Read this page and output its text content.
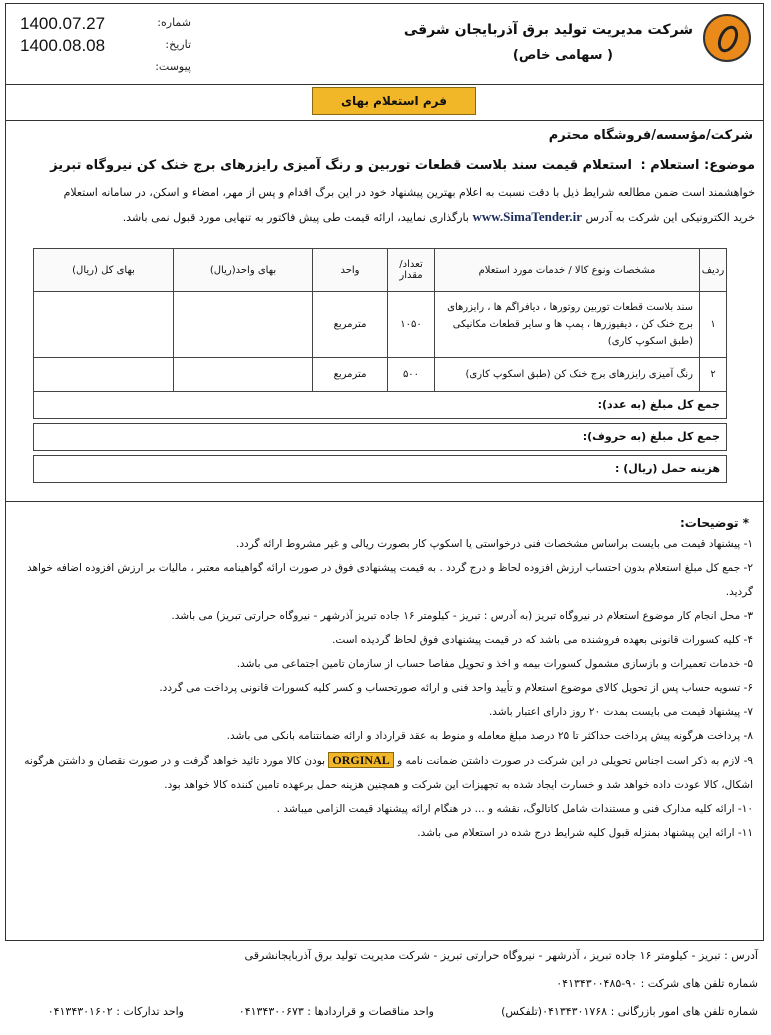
شرکت مدیریت تولید برق آذربایجان شرقی
( سهامی خاص)
شماره:
1400.07.27
تاریخ:
1400.08.08
پیوست:
فرم استعلام بهای
شرکت/مؤسسه/فروشگاه محترم
موضوع: استعلام : استعلام قیمت سند بلاست قطعات توربین و رنگ آمیزی رایزرهای برج خنک کن نیروگاه تبریز
خواهشمند است ضمن مطالعه شرایط ذیل با دقت نسبت به اعلام بهترین پیشنهاد خود در این برگ اقدام و پس از مهر، امضاء و اسکن، در سامانه استعلام
خرید الکترونیکی این شرکت به آدرس www.SimaTender.ir بارگذاری نمایید، ارائه قیمت طی پیش فاکتور به تنهایی مورد قبول نمی باشد.
ردیف	مشخصات ونوع کالا / خدمات مورد استعلام	تعداد/ مقدار	واحد	بهای واحد(ریال)	بهای کل (ریال)
۱	سند بلاست قطعات توربین روتورها ، دیافراگم ها ، رایزرهای برج خنک کن ، دیفیوزرها ، پمپ ها و سایر قطعات مکانیکی (طبق اسکوپ کاری)	۱۰۵۰	مترمربع		
۲	رنگ آمیزی رایزرهای برج خنک کن (طبق اسکوپ کاری)	۵۰۰	مترمربع		
جمع کل مبلغ (به عدد):
جمع کل مبلغ (به حروف):
هزینه حمل (ریال) :
* توضیحات:

۱- پیشنهاد قیمت می بایست براساس مشخصات فنی درخواستی یا اسکوپ کار بصورت ریالی و غیر مشروط ارائه گردد.

۲- جمع کل مبلغ استعلام بدون احتساب ارزش افزوده لحاظ و درج گردد . به قیمت پیشنهادی فوق در صورت ارائه گواهینامه معتبر ، مالیات بر ارزش افزوده اضافه خواهد گردید.

۳- محل انجام کار موضوع استعلام در نیروگاه تبریز (به آدرس : تبریز - کیلومتر ۱۶ جاده تبریز آذرشهر - نیروگاه حرارتی تبریز) می باشد.

۴- کلیه کسورات قانونی بعهده فروشنده می باشد که در قیمت پیشنهادی فوق لحاظ گردیده است.

۵- خدمات تعمیرات و بازسازی مشمول کسورات بیمه و اخذ و تحویل مفاصا حساب از سازمان تامین اجتماعی می باشد.

۶- تسویه حساب پس از تحویل کالای موضوع استعلام و تأیید واحد فنی و ارائه صورتحساب و کسر کلیه کسورات قانونی پرداخت می گردد.

۷- پیشنهاد قیمت می بایست بمدت ۲۰ روز دارای اعتبار باشد.

۸- پرداخت هرگونه پیش پرداخت حداکثر تا ۲۵ درصد مبلغ معامله و منوط به عقد قرارداد و ارائه ضمانتنامه بانکی می باشد.

۹- لازم به ذکر است اجناس تحویلی در این شرکت در صورت داشتن ضمانت نامه و ORGINAL بودن کالا مورد تائید خواهد گرفت و در صورت نقصان و داشتن هرگونه اشکال، کالا عودت داده خواهد شد و خسارت ایجاد شده به تجهیزات این شرکت و همچنین هزینه حمل برعهده تامین کننده کالا خواهد بود.

۱۰- ارائه کلیه مدارک فنی و مستندات شامل کاتالوگ، نقشه و ... در هنگام ارائه پیشنهاد قیمت الزامی میباشد .

۱۱- ارائه این پیشنهاد بمنزله قبول کلیه شرایط درج شده در استعلام می باشد.

آدرس : تبریز - کیلومتر ۱۶ جاده تبریز ، آذرشهر - نیروگاه حرارتی تبریز - شرکت مدیریت تولید برق آذربایجانشرقی
شماره تلفن های شرکت : ۹۰-۰۴۱۳۴۳۰۰۴۸۵
شماره تلفن های امور بازرگانی : ۰۴۱۳۴۳۰۱۷۶۸(تلفکس)
واحد مناقصات و قراردادها : ۰۴۱۳۴۳۰۰۶۷۳
واحد تداركات : ۰۴۱۳۴۳۰۱۶۰۲
